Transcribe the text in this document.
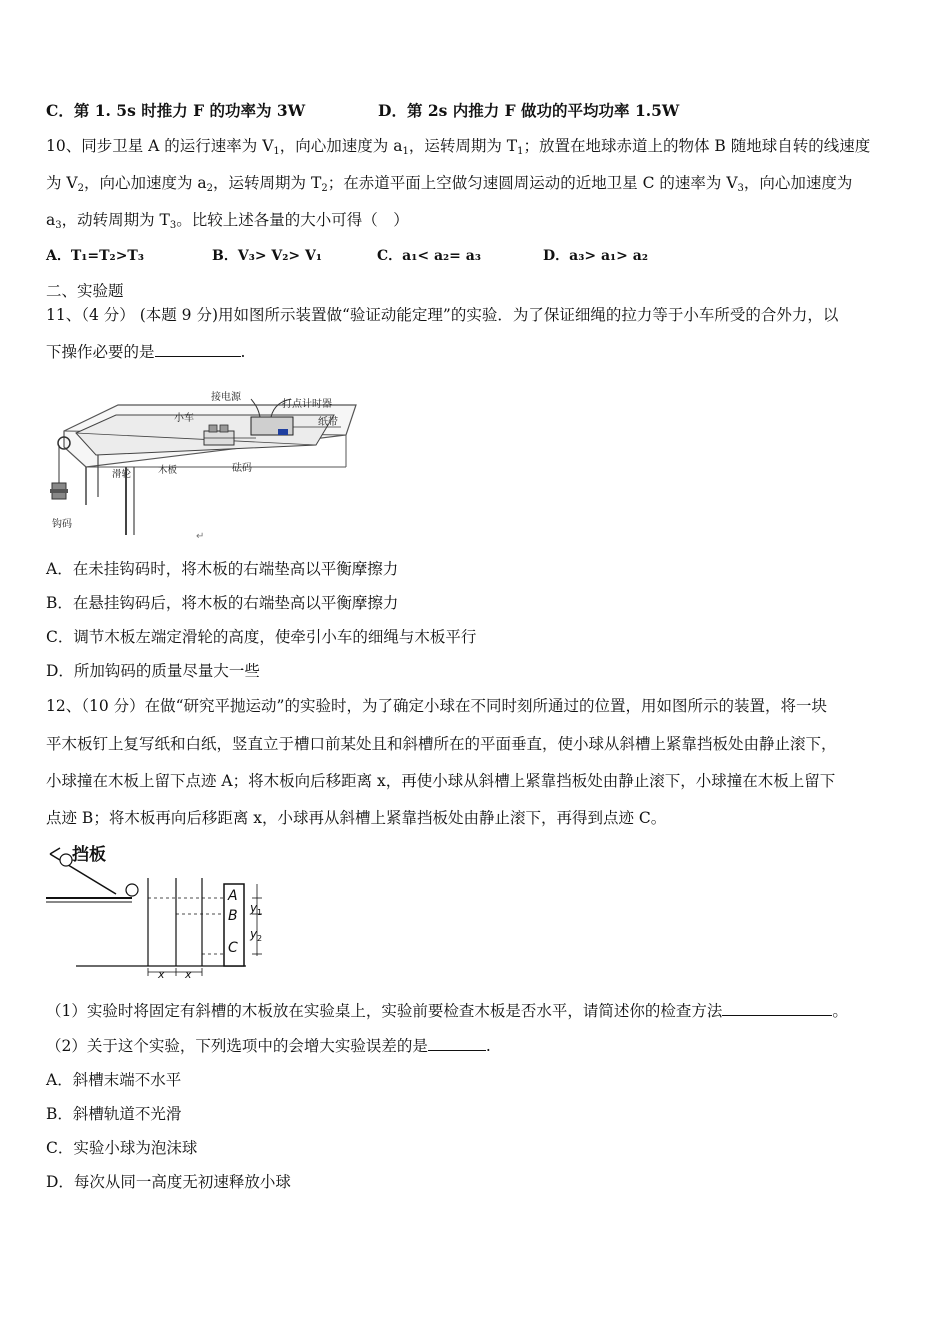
C．第 1. 5s 时推力 F 的功率为 3W	D．第 2s 内推力 F 做功的平均功率 1.5W
10、同步卫星 A 的运行速率为 $V_1$，向心加速度为 $a_1$，运转周期为 $T_1$；放置在地球赤道上的物体 B 随地球自转的线速度
为 $V_2$，向心加速度为 $a_2$，运转周期为 $T_2$；在赤道平面上空做匀速圆周运动的近地卫星 C 的速率为 $V_3$，向心加速度为
$a_3$，动转周期为 $T_3$。比较上述各量的大小可得（　）
A．T₁=T₂>T₃	B．V₃> V₂> V₁	C．a₁< a₂= a₃	D．a₃> a₁> a₂
二、实验题
11、（4 分） (本题 9 分)用如图所示装置做“验证动能定理”的实验．为了保证细绳的拉力等于小车所受的合外力，以
下操作必要的是	.
接电源
打点计时器
小车	纸带
滑轮	木板	砝码
钩码
↵
A．在未挂钩码时，将木板的右端垫高以平衡摩擦力
B．在悬挂钩码后，将木板的右端垫高以平衡摩擦力
C．调节木板左端定滑轮的高度，使牵引小车的细绳与木板平行
D．所加钩码的质量尽量大一些
12、（10 分）在做“研究平抛运动”的实验时，为了确定小球在不同时刻所通过的位置，用如图所示的装置，将一块
平木板钉上复写纸和白纸，竖直立于槽口前某处且和斜槽所在的平面垂直，使小球从斜槽上紧靠挡板处由静止滚下，
小球撞在木板上留下点迹 A；将木板向后移距离 x，再使小球从斜槽上紧靠挡板处由静止滚下，小球撞在木板上留下
点迹 B；将木板再向后移距离 x，小球再从斜槽上紧靠挡板处由静止滚下，再得到点迹 C。
挡板
A
B
C
y 1
y 2
x x
（1）实验时将固定有斜槽的木板放在实验桌上，实验前要检查木板是否水平，请简述你的检查方法	。
（2）关于这个实验，下列选项中的会增大实验误差的是	.
A．斜槽末端不水平
B．斜槽轨道不光滑
C．实验小球为泡沫球
D．每次从同一高度无初速释放小球
